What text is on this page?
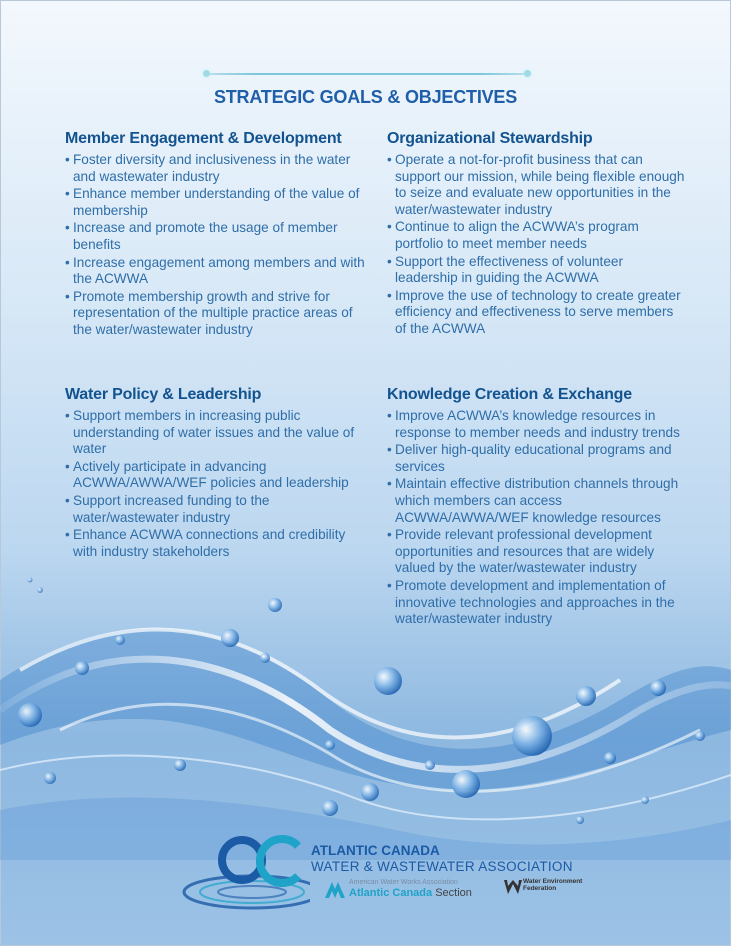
STRATEGIC GOALS & OBJECTIVES
Member Engagement & Development
• Foster diversity and inclusiveness in the water and wastewater industry
• Enhance member understanding of the value of membership
• Increase and promote the usage of member benefits
• Increase engagement among members and with the ACWWA
• Promote membership growth and strive for representation of the multiple practice areas of the water/wastewater industry
Organizational Stewardship
• Operate a not-for-profit business that can support our mission, while being flexible enough to seize and evaluate new opportunities in the water/wastewater industry
• Continue to align the ACWWA’s program portfolio to meet member needs
• Support the effectiveness of volunteer leadership in guiding the ACWWA
• Improve the use of technology to create greater efficiency and effectiveness to serve members of the ACWWA
Water Policy & Leadership
• Support members in increasing public understanding of water issues and the value of water
• Actively participate in advancing ACWWA/AWWA/WEF policies and leadership
• Support increased funding to the water/wastewater industry
• Enhance ACWWA connections and credibility with industry stakeholders
Knowledge Creation & Exchange
• Improve ACWWA’s knowledge resources in response to member needs and industry trends
• Deliver high-quality educational programs and services
• Maintain effective distribution channels through which members can access ACWWA/AWWA/WEF knowledge resources
• Provide relevant professional development opportunities and resources that are widely valued by the water/wastewater industry
• Promote development and implementation of innovative technologies and approaches in the water/wastewater industry
ATLANTIC CANADA
WATER & WASTEWATER ASSOCIATION
American Water Works Association
Atlantic Canada Section
Water Environment Federation
